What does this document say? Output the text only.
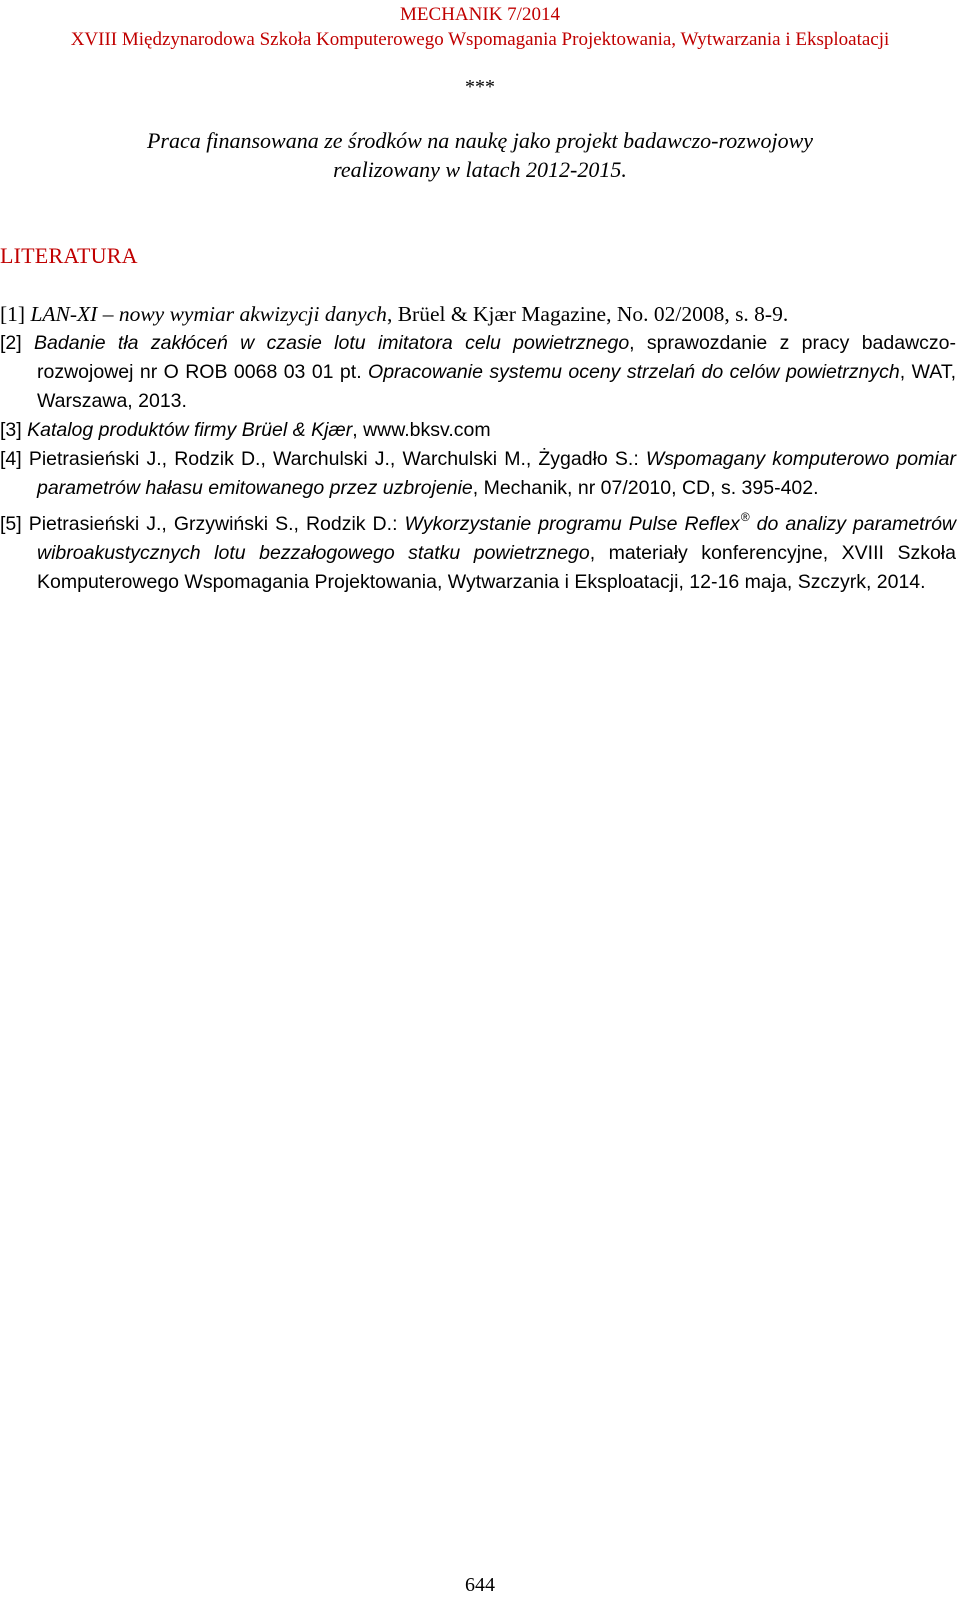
MECHANIK 7/2014
XVIII Międzynarodowa Szkoła Komputerowego Wspomagania Projektowania, Wytwarzania i Eksploatacji
***
Praca finansowana ze środków na naukę jako projekt badawczo-rozwojowy
realizowany w latach 2012-2015.
LITERATURA
[1] LAN-XI – nowy wymiar akwizycji danych, Brüel & Kjær Magazine, No. 02/2008, s. 8-9.
[2] Badanie tła zakłóceń w czasie lotu imitatora celu powietrznego, sprawozdanie z pracy badawczo-rozwojowej nr O ROB 0068 03 01 pt. Opracowanie systemu oceny strzelań do celów powietrznych, WAT, Warszawa, 2013.
[3] Katalog produktów firmy Brüel & Kjær, www.bksv.com
[4] Pietrasieński J., Rodzik D., Warchulski J., Warchulski M., Żygadło S.: Wspomagany komputerowo pomiar parametrów hałasu emitowanego przez uzbrojenie, Mechanik, nr 07/2010, CD, s. 395-402.
[5] Pietrasieński J., Grzywiński S., Rodzik D.: Wykorzystanie programu Pulse Reflex® do analizy parametrów wibroakustycznych lotu bezzałogowego statku powietrznego, materiały konferencyjne, XVIII Szkoła Komputerowego Wspomagania Projektowania, Wytwarzania i Eksploatacji, 12-16 maja, Szczyrk, 2014.
644
